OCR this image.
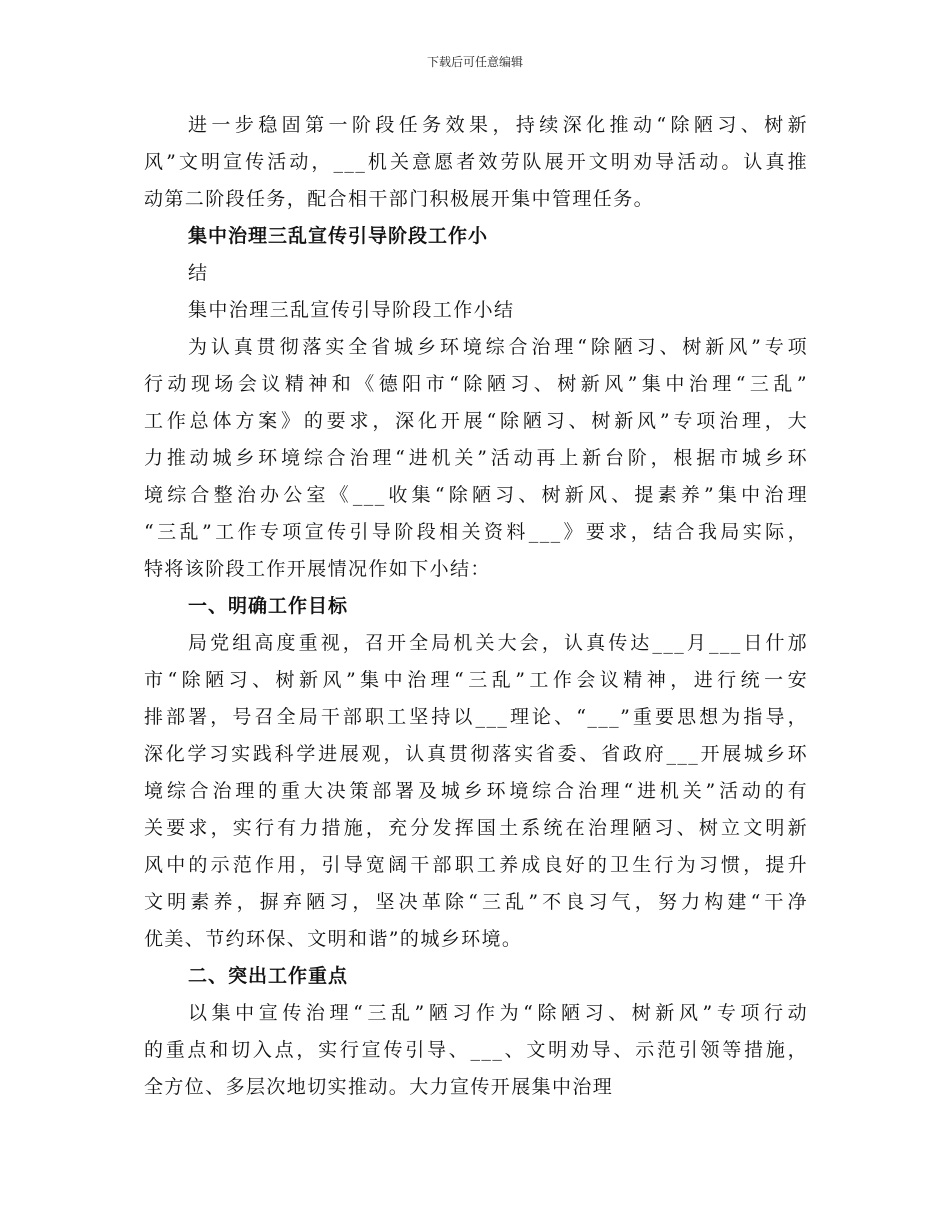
下载后可任意编辑
进一步稳固第一阶段任务效果，持续深化推动“除陋习、树新
风”文明宣传活动，___机关意愿者效劳队展开文明劝导活动。认真推
动第二阶段任务，配合相干部门积极展开集中管理任务。
集中治理三乱宣传引导阶段工作小
结
集中治理三乱宣传引导阶段工作小结
为认真贯彻落实全省城乡环境综合治理“除陋习、树新风”专项
行动现场会议精神和《德阳市“除陋习、树新风”集中治理“三乱”
工作总体方案》的要求，深化开展“除陋习、树新风”专项治理，大
力推动城乡环境综合治理“进机关”活动再上新台阶，根据市城乡环
境综合整治办公室《___收集“除陋习、树新风、提素养”集中治理
“三乱”工作专项宣传引导阶段相关资料___》要求，结合我局实际，
特将该阶段工作开展情况作如下小结：
一、明确工作目标
局党组高度重视，召开全局机关大会，认真传达___月___日什邡
市“除陋习、树新风”集中治理“三乱”工作会议精神，进行统一安
排部署，号召全局干部职工坚持以___理论、“___”重要思想为指导，
深化学习实践科学进展观，认真贯彻落实省委、省政府___开展城乡环
境综合治理的重大决策部署及城乡环境综合治理“进机关”活动的有
关要求，实行有力措施，充分发挥国土系统在治理陋习、树立文明新
风中的示范作用，引导宽阔干部职工养成良好的卫生行为习惯，提升
文明素养，摒弃陋习，坚决革除“三乱”不良习气，努力构建“干净
优美、节约环保、文明和谐”的城乡环境。
二、突出工作重点
以集中宣传治理“三乱”陋习作为“除陋习、树新风”专项行动
的重点和切入点，实行宣传引导、___、文明劝导、示范引领等措施，
全方位、多层次地切实推动。大力宣传开展集中治理
